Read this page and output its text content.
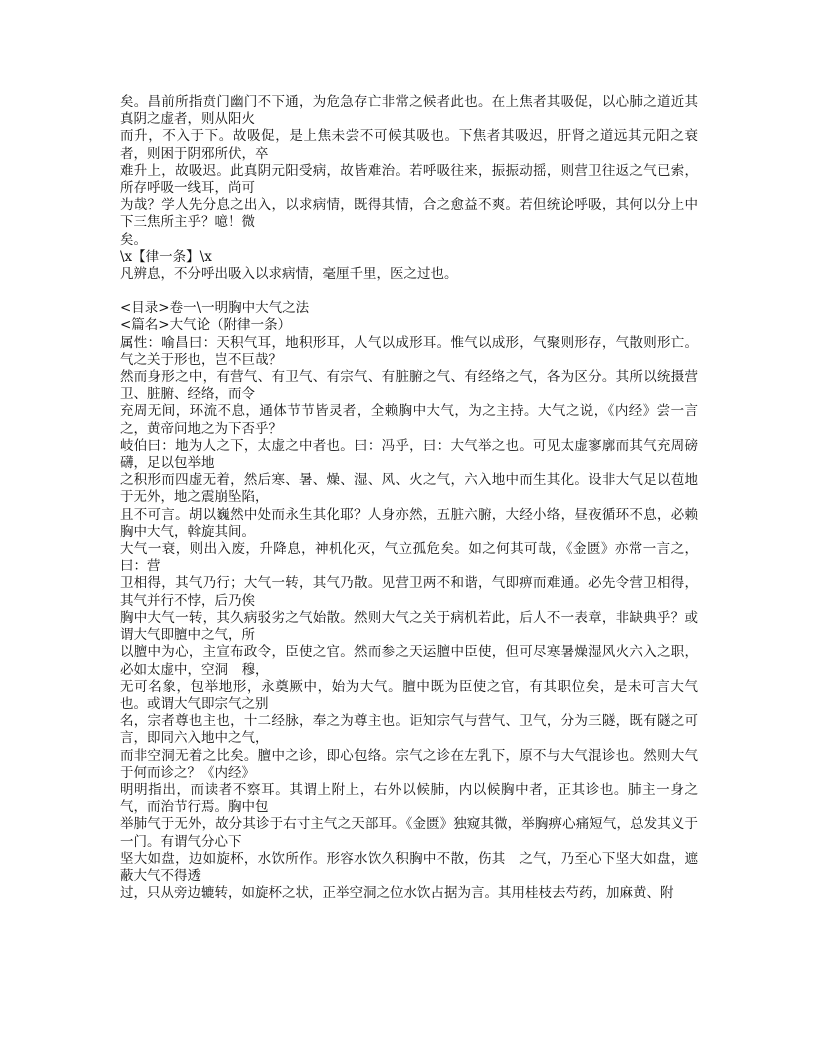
矣。昌前所指贲门幽门不下通，为危急存亡非常之候者此也。在上焦者其吸促，以心肺之道近其真阴之虚者，则从阳火

而升，不入于下。故吸促，是上焦未尝不可候其吸也。下焦者其吸迟，肝肾之道远其元阳之衰者，则困于阴邪所伏，卒

难升上，故吸迟。此真阴元阳受病，故皆难治。若呼吸往来，振振动摇，则营卫往返之气已索，所存呼吸一线耳，尚可

为哉？学人先分息之出入，以求病情，既得其情，合之愈益不爽。若但统论呼吸，其何以分上中下三焦所主乎？噫！微

矣。

\x【律一条】\x

凡辨息，不分呼出吸入以求病情，毫厘千里，医之过也。

<目录>卷一\一明胸中大气之法

<篇名>大气论（附律一条）

属性：喻昌曰：天积气耳，地积形耳，人气以成形耳。惟气以成形，气聚则形存，气散则形亡。气之关于形也，岂不巨哉？

然而身形之中，有营气、有卫气、有宗气、有脏腑之气、有经络之气，各为区分。其所以统摄营卫、脏腑、经络，而令

充周无间，环流不息，通体节节皆灵者，全赖胸中大气，为之主持。大气之说，《内经》尝一言之，黄帝问地之为下否乎？

岐伯曰：地为人之下，太虚之中者也。曰：冯乎，曰：大气举之也。可见太虚寥廓而其气充周磅礴，足以包举地

之积形而四虚无着，然后寒、暑、燥、湿、风、火之气，六入地中而生其化。设非大气足以苞地于无外，地之震崩坠陷，

且不可言。胡以巍然中处而永生其化耶？人身亦然，五脏六腑，大经小络，昼夜循环不息，必赖胸中大气，斡旋其间。

大气一衰，则出入废，升降息，神机化灭，气立孤危矣。如之何其可哉，《金匮》亦常一言之，曰：营

卫相得，其气乃行；大气一转，其气乃散。见营卫两不和谐，气即痹而难通。必先令营卫相得，其气并行不悖，后乃俟

胸中大气一转，其久病驳劣之气始散。然则大气之关于病机若此，后人不一表章，非缺典乎？或谓大气即膻中之气，所

以膻中为心，主宣布政令，臣使之官。然而参之天运膻中臣使，但可尽寒暑燥湿风火六入之职，必如太虚中，空洞　穆，

无可名象，包举地形，永奠厥中，始为大气。膻中既为臣使之官，有其职位矣，是未可言大气也。或谓大气即宗气之别

名，宗者尊也主也，十二经脉，奉之为尊主也。讵知宗气与营气、卫气，分为三隧，既有隧之可言，即同六入地中之气，

而非空洞无着之比矣。膻中之诊，即心包络。宗气之诊在左乳下，原不与大气混诊也。然则大气于何而诊之？《内经》

明明指出，而读者不察耳。其谓上附上，右外以候肺，内以候胸中者，正其诊也。肺主一身之气，而治节行焉。胸中包

举肺气于无外，故分其诊于右寸主气之天部耳。《金匮》独窥其微，举胸痹心痛短气，总发其义于一门。有谓气分心下

坚大如盘，边如旋杯，水饮所作。形容水饮久积胸中不散，伤其　之气，乃至心下坚大如盘，遮蔽大气不得透

过，只从旁边辘转，如旋杯之状，正举空洞之位水饮占据为言。其用桂枝去芍药，加麻黄、附
